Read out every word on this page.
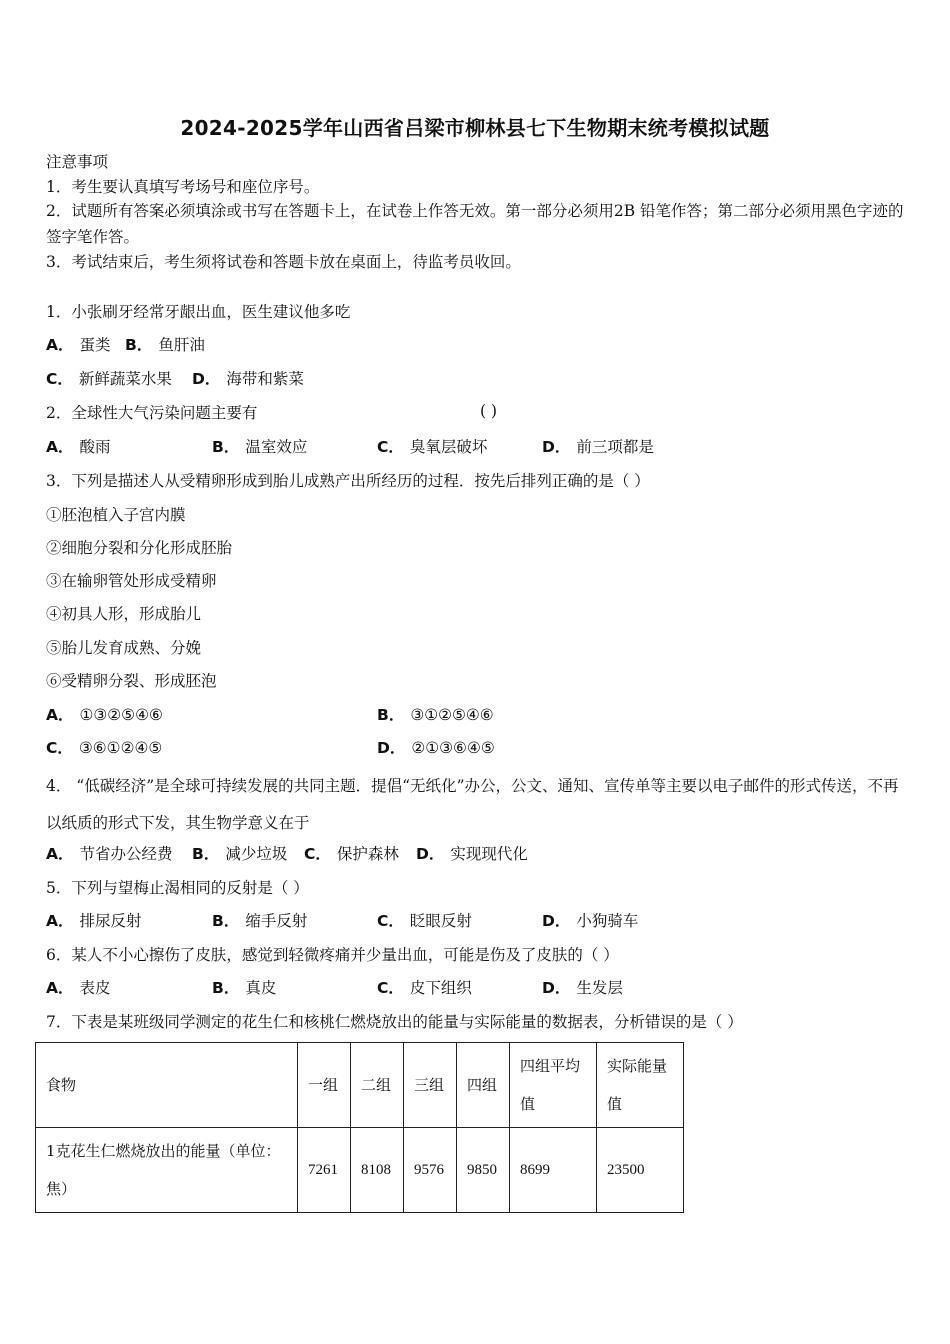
2024-2025学年山西省吕梁市柳林县七下生物期末统考模拟试题
注意事项
1．考生要认真填写考场号和座位序号。
2．试题所有答案必须填涂或书写在答题卡上，在试卷上作答无效。第一部分必须用2B 铅笔作答；第二部分必须用黑色字迹的签字笔作答。
3．考试结束后，考生须将试卷和答题卡放在桌面上，待监考员收回。
1．小张刷牙经常牙龈出血，医生建议他多吃
A． 蛋类 B． 鱼肝油
C． 新鲜蔬菜水果 D． 海带和紫菜
2．全球性大气污染问题主要有	( )
A． 酸雨	B． 温室效应	C． 臭氧层破坏	D． 前三项都是
3．下列是描述人从受精卵形成到胎儿成熟产出所经历的过程．按先后排列正确的是（ ）
①胚泡植入子宫内膜
②细胞分裂和分化形成胚胎
③在输卵管处形成受精卵
④初具人形，形成胎儿
⑤胎儿发育成熟、分娩
⑥受精卵分裂、形成胚泡
A． ①③②⑤④⑥	B． ③①②⑤④⑥
C． ③⑥①②④⑤	D． ②①③⑥④⑤
4． “低碳经济”是全球可持续发展的共同主题．提倡“无纸化”办公，公文、通知、宣传单等主要以电子邮件的形式传送，不再以纸质的形式下发，其生物学意义在于
A． 节省办公经费 B． 减少垃圾 C． 保护森林 D． 实现现代化
5．下列与望梅止渴相同的反射是（ ）
A． 排尿反射	B． 缩手反射	C． 眨眼反射	D． 小狗骑车
6．某人不小心擦伤了皮肤，感觉到轻微疼痛并少量出血，可能是伤及了皮肤的（ ）
A． 表皮	B． 真皮	C． 皮下组织	D． 生发层
7．下表是某班级同学测定的花生仁和核桃仁燃烧放出的能量与实际能量的数据表，分析错误的是（ ）
食物	一组	二组	三组	四组	四组平均值	实际能量值
1克花生仁燃烧放出的能量（单位：焦）	7261	8108	9576	9850	8699	23500
